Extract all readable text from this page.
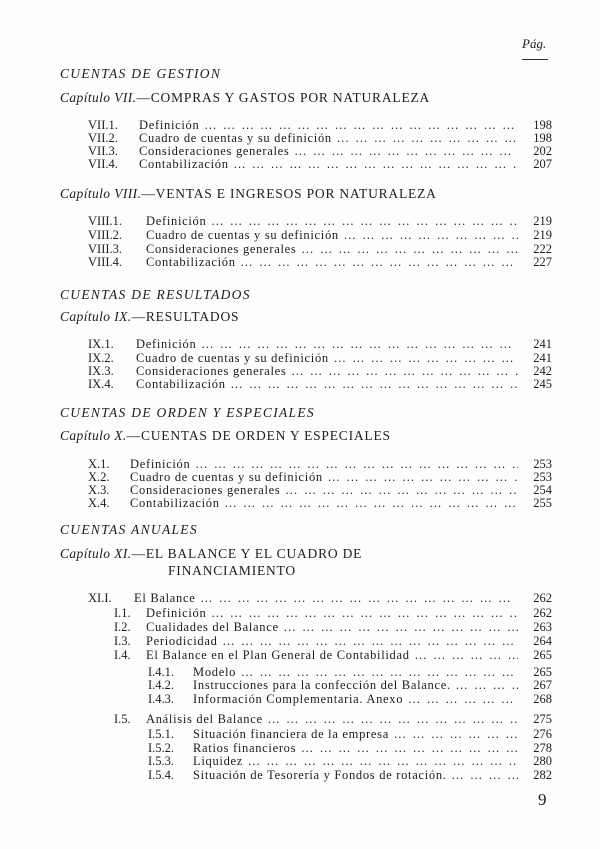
Pág.
CUENTAS DE GESTION
Capítulo VII.—COMPRAS Y GASTOS POR NATURALEZA
VII.1. Definición … … … … … … … … … … … … … … … … … … … … … … … … … … … … …	198
VII.2. Cuadro de cuentas y su definición … … … … … … … … … … … … … … … … … … … … … … … … … … … … …	198
VII.3. Consideraciones generales … … … … … … … … … … … … … … … … … … … … … … … … … … … … …	202
VII.4. Contabilización … … … … … … … … … … … … … … … … … … … … … … … … … … … … …	207
Capítulo VIII.—VENTAS E INGRESOS POR NATURALEZA
VIII.1. Definición … … … … … … … … … … … … … … … … … … … … … … … … … … … … …	219
VIII.2. Cuadro de cuentas y su definición … … … … … … … … … … … … … … … … … … … … … … … … … … … … …	219
VIII.3. Consideraciones generales … … … … … … … … … … … … … … … … … … … … … … … … … … … … …	222
VIII.4. Contabilización … … … … … … … … … … … … … … … … … … … … … … … … … … … … …	227
CUENTAS DE RESULTADOS
Capítulo IX.—RESULTADOS
IX.1. Definición … … … … … … … … … … … … … … … … … … … … … … … … … … … … …	241
IX.2. Cuadro de cuentas y su definición … … … … … … … … … … … … … … … … … … … … … … … … … … … … …	241
IX.3. Consideraciones generales … … … … … … … … … … … … … … … … … … … … … … … … … … … … …	242
IX.4. Contabilización … … … … … … … … … … … … … … … … … … … … … … … … … … … … …	245
CUENTAS DE ORDEN Y ESPECIALES
Capítulo X.—CUENTAS DE ORDEN Y ESPECIALES
X.1. Definición … … … … … … … … … … … … … … … … … … … … … … … … … … … … …	253
X.2. Cuadro de cuentas y su definición … … … … … … … … … … … … … … … … … … … … … … … … … … … … …	253
X.3. Consideraciones generales … … … … … … … … … … … … … … … … … … … … … … … … … … … … …	254
X.4. Contabilización … … … … … … … … … … … … … … … … … … … … … … … … … … … … …	255
CUENTAS ANUALES
Capítulo XI.—EL BALANCE Y EL CUADRO DE
FINANCIAMIENTO
XI.I. El Balance … … … … … … … … … … … … … … … … … … … … … … … … … … … … …	262
I.1. Definición … … … … … … … … … … … … … … … … … … … … … … … … … … … … …	262
I.2. Cualidades del Balance … … … … … … … … … … … … … … … … … … … … … … … … … … … … …	263
I.3. Periodicidad … … … … … … … … … … … … … … … … … … … … … … … … … … … … …	264
I.4. El Balance en el Plan General de Contabilidad … … … … … … … … … … … … … … … … … … … … … … … … … … … … …	265
I.4.1. Modelo … … … … … … … … … … … … … … … … … … … … … … … … … … … … …	265
I.4.2. Instrucciones para la confección del Balance. … … … … … … … … … … … … … … … … … … … … … … … … … … … … …	267
I.4.3. Información Complementaria. Anexo … … … … … … … … … … … … … … … … … … … … … … … … … … … … …	268
I.5. Análisis del Balance … … … … … … … … … … … … … … … … … … … … … … … … … … … … …	275
I.5.1. Situación financiera de la empresa … … … … … … … … … … … … … … … … … … … … … … … … … … … … …	276
I.5.2. Ratios financieros … … … … … … … … … … … … … … … … … … … … … … … … … … … … …	278
I.5.3. Liquidez … … … … … … … … … … … … … … … … … … … … … … … … … … … … …	280
I.5.4. Situación de Tesorería y Fondos de rotación. … … … … … … … … … … … … … … … … … … … … … … … … … … … … …	282
9
